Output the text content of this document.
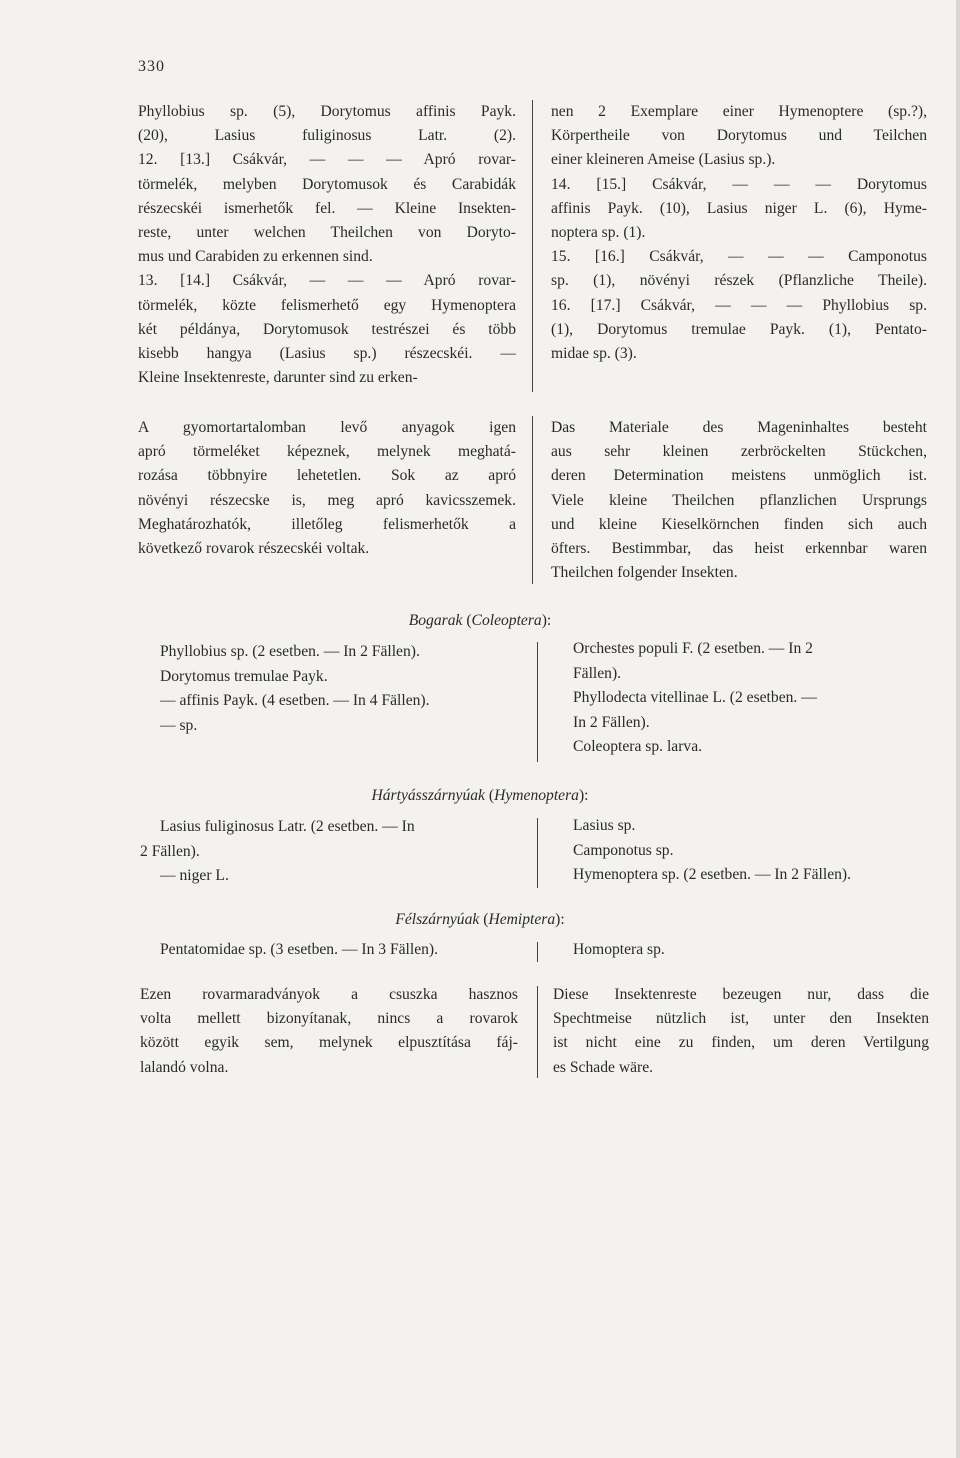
330

Phyllobius sp. (5), Dorytomus affinis Payk.

(20), Lasius fuliginosus Latr. (2).

12. [13.] Csákvár, — — — Apró rovar-

törmelék, melyben Dorytomusok és Carabidák

részecskéi ismerhetők fel. — Kleine Insekten-

reste, unter welchen Theilchen von Doryto-

mus und Carabiden zu erkennen sind.

13. [14.] Csákvár, — — — Apró rovar-

törmelék, közte felismerhető egy Hymenoptera

két példánya, Dorytomusok testrészei és több

kisebb hangya (Lasius sp.) részecskéi. —

Kleine Insektenreste, darunter sind zu erken-

nen 2 Exemplare einer Hymenoptere (sp.?),

Körpertheile von Dorytomus und Teilchen

einer kleineren Ameise (Lasius sp.).

14. [15.] Csákvár, — — — Dorytomus

affinis Payk. (10), Lasius niger L. (6), Hyme-

noptera sp. (1).

15. [16.] Csákvár, — — — Camponotus

sp. (1), növényi részek (Pflanzliche Theile).

16. [17.] Csákvár, — — — Phyllobius sp.

(1), Dorytomus tremulae Payk. (1), Pentato-

midae sp. (3).

A gyomortartalomban levő anyagok igen

apró törmeléket képeznek, melynek meghatá-

rozása többnyire lehetetlen. Sok az apró

növényi részecske is, meg apró kavicsszemek.

Meghatározhatók, illetőleg felismerhetők a

következő rovarok részecskéi voltak.

Das Materiale des Mageninhaltes besteht

aus sehr kleinen zerbröckelten Stückchen,

deren Determination meistens unmöglich ist.

Viele kleine Theilchen pflanzlichen Ursprungs

und kleine Kieselkörnchen finden sich auch

öfters. Bestimmbar, das heist erkennbar waren

Theilchen folgender Insekten.

Bogarak (Coleoptera):
Phyllobius sp. (2 esetben. — In 2 Fällen).
Dorytomus tremulae Payk.
— affinis Payk. (4 esetben. — In 4 Fällen).
— sp.
Orchestes populi F. (2 esetben. — In 2
Fällen).
Phyllodecta vitellinae L. (2 esetben. —
In 2 Fällen).
Coleoptera sp. larva.
Hártyásszárnyúak (Hymenoptera):
Lasius fuliginosus Latr. (2 esetben. — In
2 Fällen).
— niger L.
Lasius sp.
Camponotus sp.
Hymenoptera sp. (2 esetben. — In 2 Fällen).
Félszárnyúak (Hemiptera):
Pentatomidae sp. (3 esetben. — In 3 Fällen).	Homoptera sp.

Ezen rovarmaradványok a csuszka hasznos

volta mellett bizonyítanak, nincs a rovarok

között egyik sem, melynek elpusztítása fáj-

lalandó volna.

Diese Insektenreste bezeugen nur, dass die

Spechtmeise nützlich ist, unter den Insekten

ist nicht eine zu finden, um deren Vertilgung

es Schade wäre.
